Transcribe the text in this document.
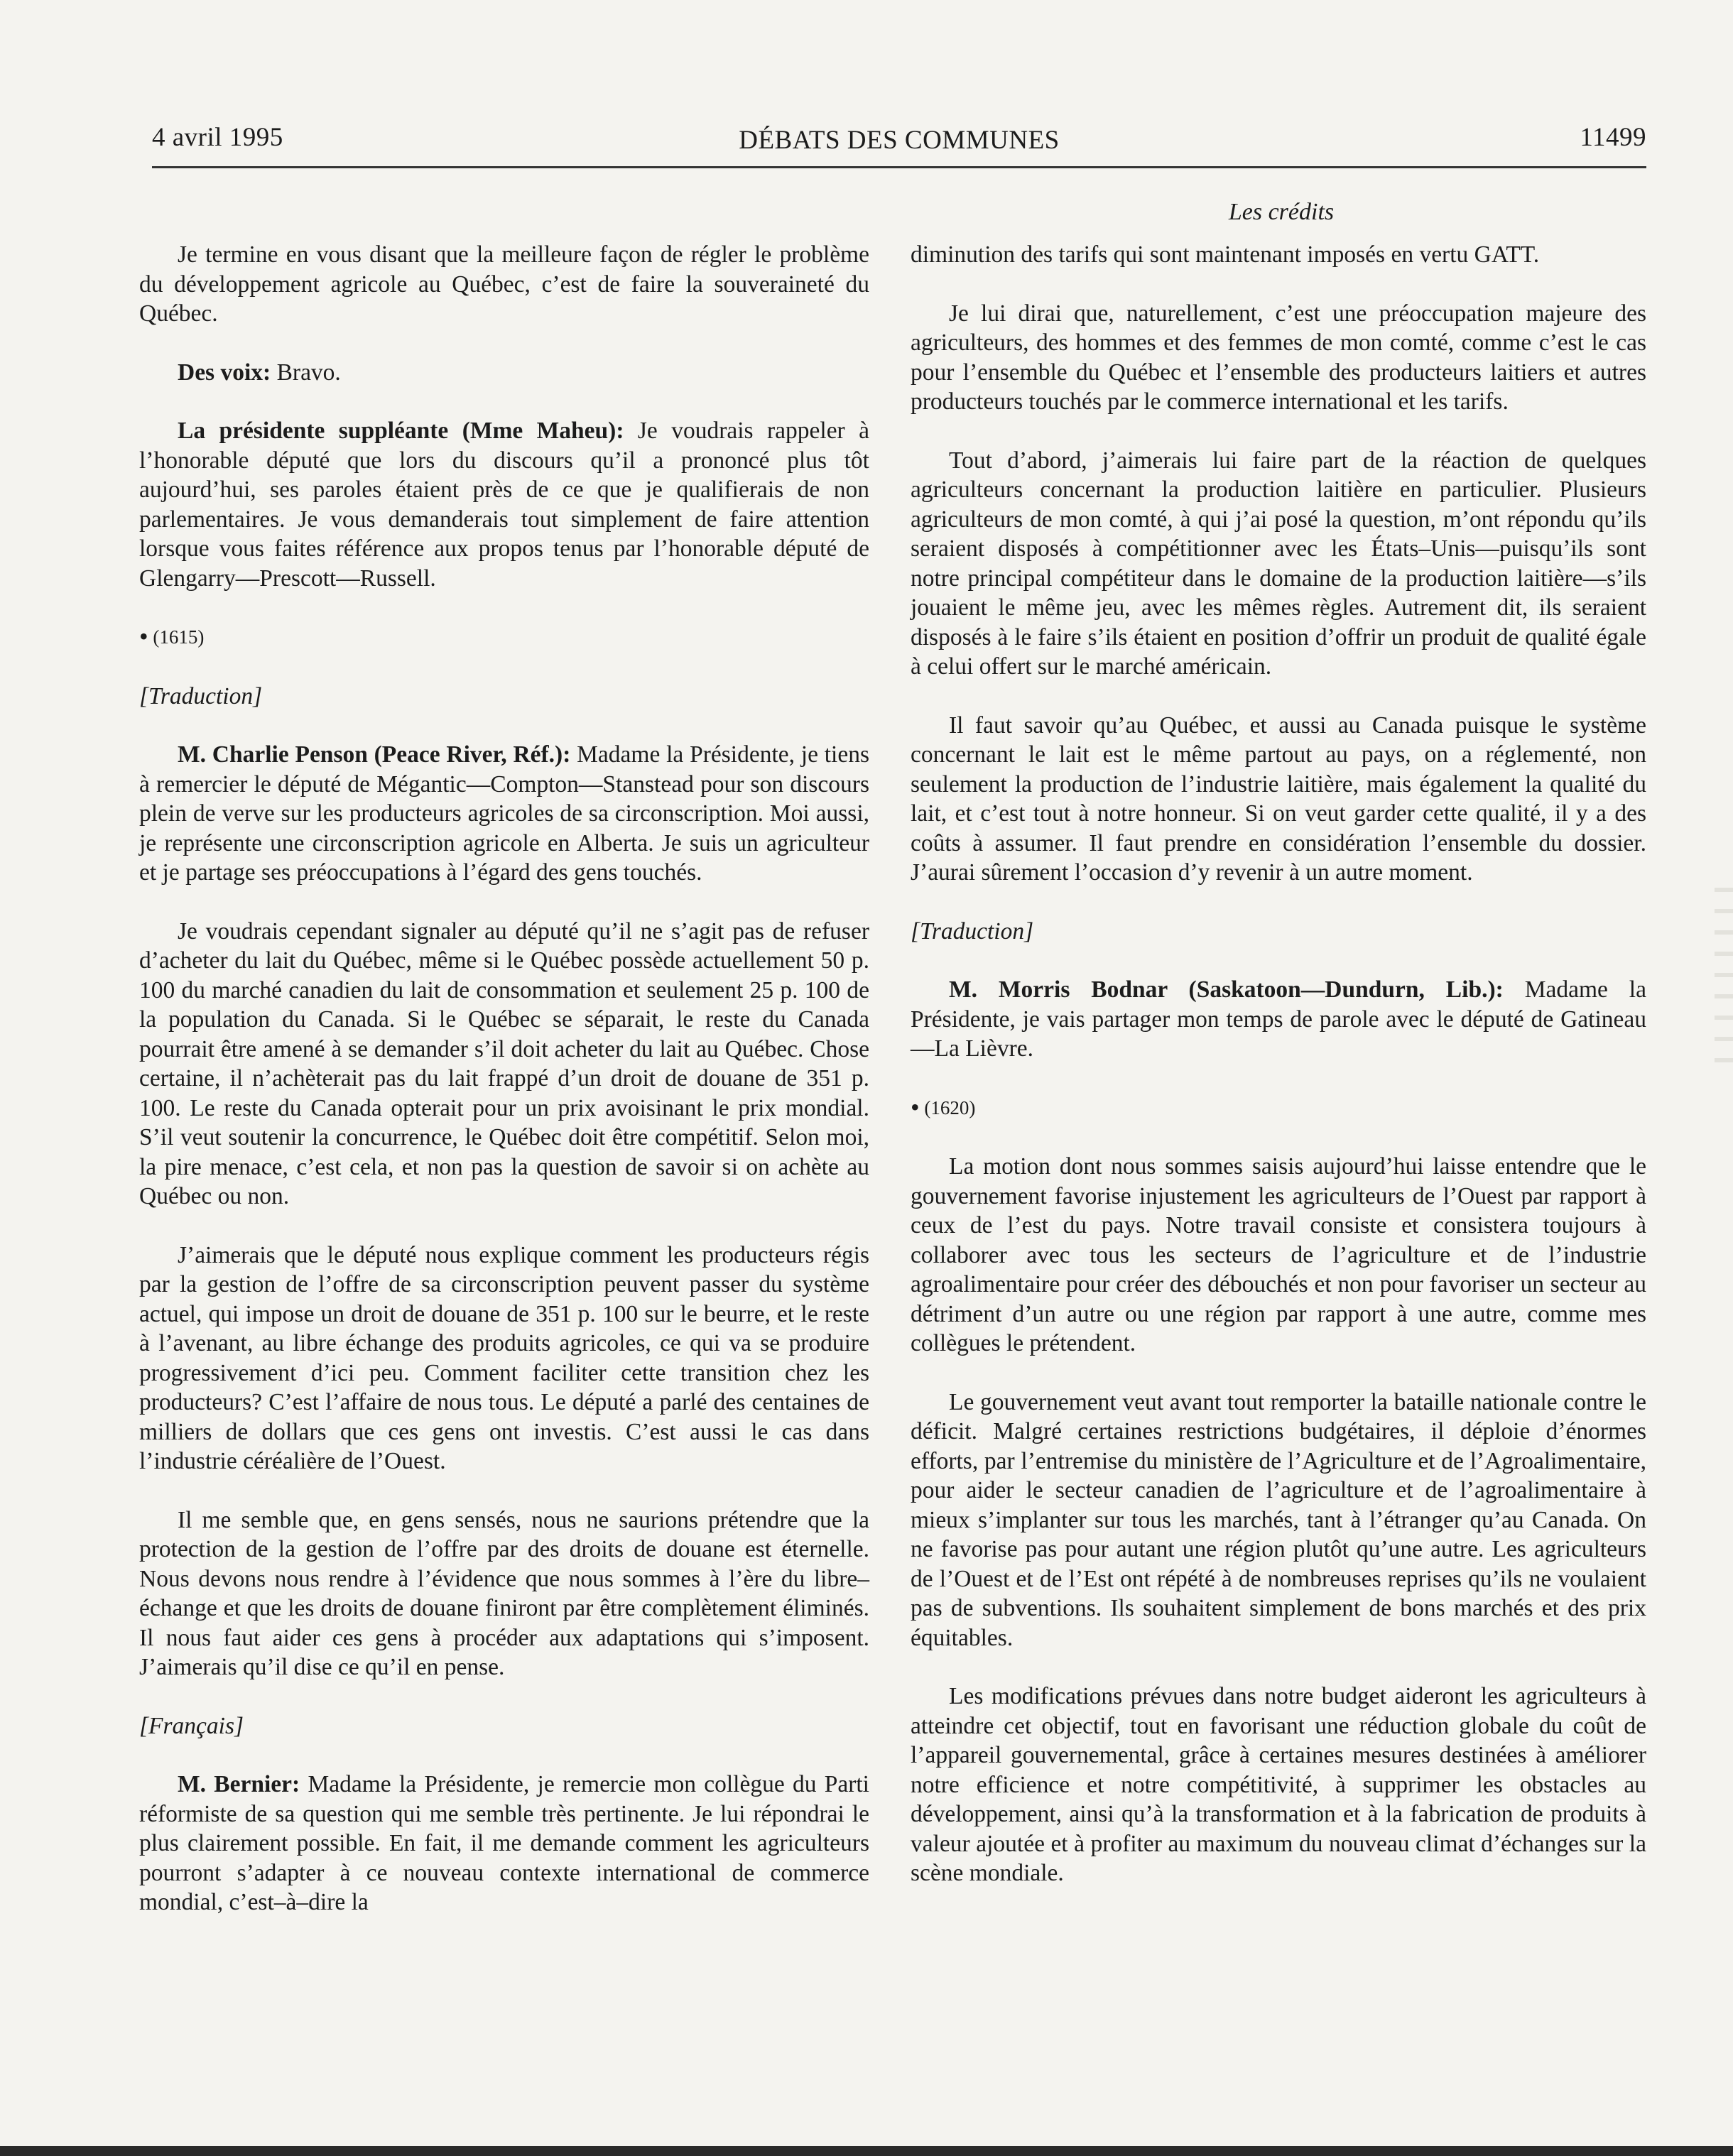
4 avril 1995	DÉBATS DES COMMUNES	11499
Les crédits

Je termine en vous disant que la meilleure façon de régler le problème du développement agricole au Québec, c’est de faire la souveraineté du Québec.

Des voix: Bravo.

La présidente suppléante (Mme Maheu): Je voudrais rappeler à l’honorable député que lors du discours qu’il a prononcé plus tôt aujourd’hui, ses paroles étaient près de ce que je qualifierais de non parlementaires. Je vous demanderais tout simplement de faire attention lorsque vous faites référence aux propos tenus par l’honorable député de Glengarry—Prescott—Russell.

• (1615)

[Traduction]

M. Charlie Penson (Peace River, Réf.): Madame la Présidente, je tiens à remercier le député de Mégantic—Compton—Stanstead pour son discours plein de verve sur les producteurs agricoles de sa circonscription. Moi aussi, je représente une circonscription agricole en Alberta. Je suis un agriculteur et je partage ses préoccupations à l’égard des gens touchés.

Je voudrais cependant signaler au député qu’il ne s’agit pas de refuser d’acheter du lait du Québec, même si le Québec possède actuellement 50 p. 100 du marché canadien du lait de consommation et seulement 25 p. 100 de la population du Canada. Si le Québec se séparait, le reste du Canada pourrait être amené à se demander s’il doit acheter du lait au Québec. Chose certaine, il n’achèterait pas du lait frappé d’un droit de douane de 351 p. 100. Le reste du Canada opterait pour un prix avoisinant le prix mondial. S’il veut soutenir la concurrence, le Québec doit être compétitif. Selon moi, la pire menace, c’est cela, et non pas la question de savoir si on achète au Québec ou non.

J’aimerais que le député nous explique comment les producteurs régis par la gestion de l’offre de sa circonscription peuvent passer du système actuel, qui impose un droit de douane de 351 p. 100 sur le beurre, et le reste à l’avenant, au libre échange des produits agricoles, ce qui va se produire progressivement d’ici peu. Comment faciliter cette transition chez les producteurs? C’est l’affaire de nous tous. Le député a parlé des centaines de milliers de dollars que ces gens ont investis. C’est aussi le cas dans l’industrie céréalière de l’Ouest.

Il me semble que, en gens sensés, nous ne saurions prétendre que la protection de la gestion de l’offre par des droits de douane est éternelle. Nous devons nous rendre à l’évidence que nous sommes à l’ère du libre–échange et que les droits de douane finiront par être complètement éliminés. Il nous faut aider ces gens à procéder aux adaptations qui s’imposent. J’aimerais qu’il dise ce qu’il en pense.

[Français]

M. Bernier: Madame la Présidente, je remercie mon collègue du Parti réformiste de sa question qui me semble très pertinente. Je lui répondrai le plus clairement possible. En fait, il me demande comment les agriculteurs pourront s’adapter à ce nouveau contexte international de commerce mondial, c’est–à–dire la

diminution des tarifs qui sont maintenant imposés en vertu GATT.

Je lui dirai que, naturellement, c’est une préoccupation majeure des agriculteurs, des hommes et des femmes de mon comté, comme c’est le cas pour l’ensemble du Québec et l’ensemble des producteurs laitiers et autres producteurs touchés par le commerce international et les tarifs.

Tout d’abord, j’aimerais lui faire part de la réaction de quelques agriculteurs concernant la production laitière en particulier. Plusieurs agriculteurs de mon comté, à qui j’ai posé la question, m’ont répondu qu’ils seraient disposés à compétitionner avec les États–Unis—puisqu’ils sont notre principal compétiteur dans le domaine de la production laitière—s’ils jouaient le même jeu, avec les mêmes règles. Autrement dit, ils seraient disposés à le faire s’ils étaient en position d’offrir un produit de qualité égale à celui offert sur le marché américain.

Il faut savoir qu’au Québec, et aussi au Canada puisque le système concernant le lait est le même partout au pays, on a réglementé, non seulement la production de l’industrie laitière, mais également la qualité du lait, et c’est tout à notre honneur. Si on veut garder cette qualité, il y a des coûts à assumer. Il faut prendre en considération l’ensemble du dossier. J’aurai sûrement l’occasion d’y revenir à un autre moment.

[Traduction]

M. Morris Bodnar (Saskatoon—Dundurn, Lib.): Madame la Présidente, je vais partager mon temps de parole avec le député de Gatineau—La Lièvre.

• (1620)

La motion dont nous sommes saisis aujourd’hui laisse entendre que le gouvernement favorise injustement les agriculteurs de l’Ouest par rapport à ceux de l’est du pays. Notre travail consiste et consistera toujours à collaborer avec tous les secteurs de l’agriculture et de l’industrie agroalimentaire pour créer des débouchés et non pour favoriser un secteur au détriment d’un autre ou une région par rapport à une autre, comme mes collègues le prétendent.

Le gouvernement veut avant tout remporter la bataille nationale contre le déficit. Malgré certaines restrictions budgétaires, il déploie d’énormes efforts, par l’entremise du ministère de l’Agriculture et de l’Agroalimentaire, pour aider le secteur canadien de l’agriculture et de l’agroalimentaire à mieux s’implanter sur tous les marchés, tant à l’étranger qu’au Canada. On ne favorise pas pour autant une région plutôt qu’une autre. Les agriculteurs de l’Ouest et de l’Est ont répété à de nombreuses reprises qu’ils ne voulaient pas de subventions. Ils souhaitent simplement de bons marchés et des prix équitables.

Les modifications prévues dans notre budget aideront les agriculteurs à atteindre cet objectif, tout en favorisant une réduction globale du coût de l’appareil gouvernemental, grâce à certaines mesures destinées à améliorer notre efficience et notre compétitivité, à supprimer les obstacles au développement, ainsi qu’à la transformation et à la fabrication de produits à valeur ajoutée et à profiter au maximum du nouveau climat d’échanges sur la scène mondiale.
